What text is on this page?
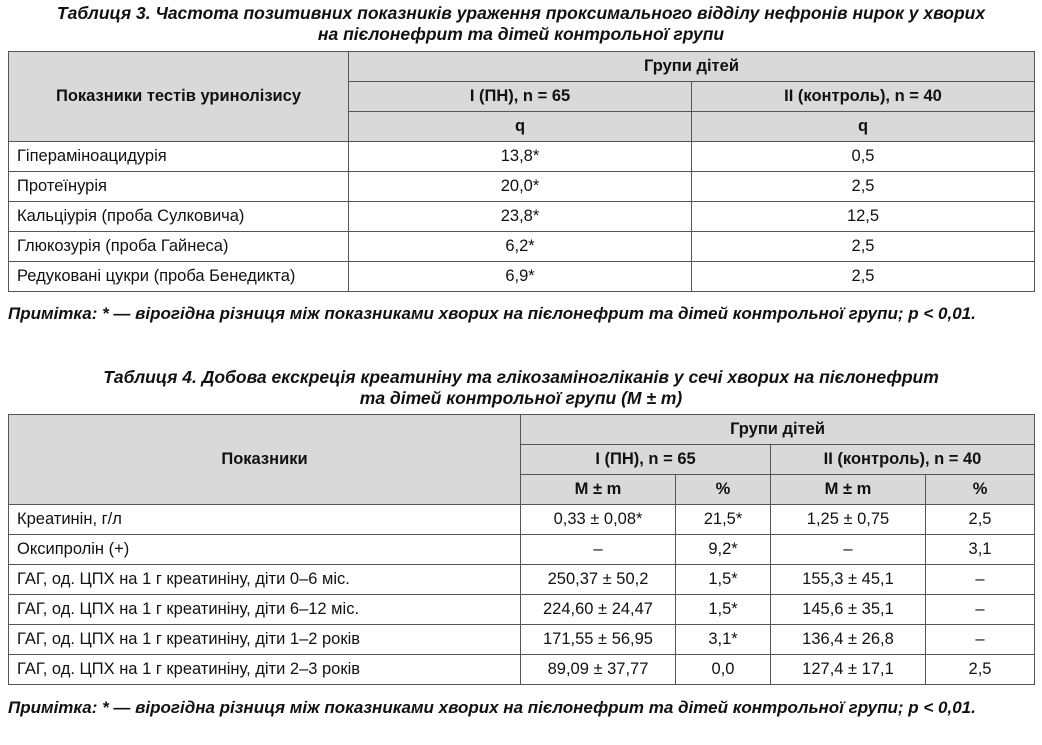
Таблиця 3. Частота позитивних показників ураження проксимального відділу нефронів нирок у хворих
на пієлонефрит та дітей контрольної групи
Показники тестів уринолізису	Групи дітей	
	I (ПН), n = 65	II (контроль), n = 40
	q	q
Гіпераміноацидурія	13,8*	0,5
Протеїнурія	20,0*	2,5
Кальціурія (проба Сулковича)	23,8*	12,5
Глюкозурія (проба Гайнеса)	6,2*	2,5
Редуковані цукри (проба Бенедикта)	6,9*	2,5
Примітка: * — вірогідна різниця між показниками хворих на пієлонефрит та дітей контрольної групи; р < 0,01.
Таблиця 4. Добова екскреція креатиніну та глікозаміногліканів у сечі хворих на пієлонефрит
та дітей контрольної групи (M ± m)
Показники	Групи дітей			
	I (ПН), n = 65		II (контроль), n = 40	
	M ± m	%	M ± m	%
Креатинін, г/л	0,33 ± 0,08*	21,5*	1,25 ± 0,75	2,5
Оксипролін (+)	–	9,2*	–	3,1
ГАГ, од. ЦПХ на 1 г креатиніну, діти 0–6 міс.	250,37 ± 50,2	1,5*	155,3 ± 45,1	–
ГАГ, од. ЦПХ на 1 г креатиніну, діти 6–12 міс.	224,60 ± 24,47	1,5*	145,6 ± 35,1	–
ГАГ, од. ЦПХ на 1 г креатиніну, діти 1–2 років	171,55 ± 56,95	3,1*	136,4 ± 26,8	–
ГАГ, од. ЦПХ на 1 г креатиніну, діти 2–3 років	89,09 ± 37,77	0,0	127,4 ± 17,1	2,5
Примітка: * — вірогідна різниця між показниками хворих на пієлонефрит та дітей контрольної групи; р < 0,01.
